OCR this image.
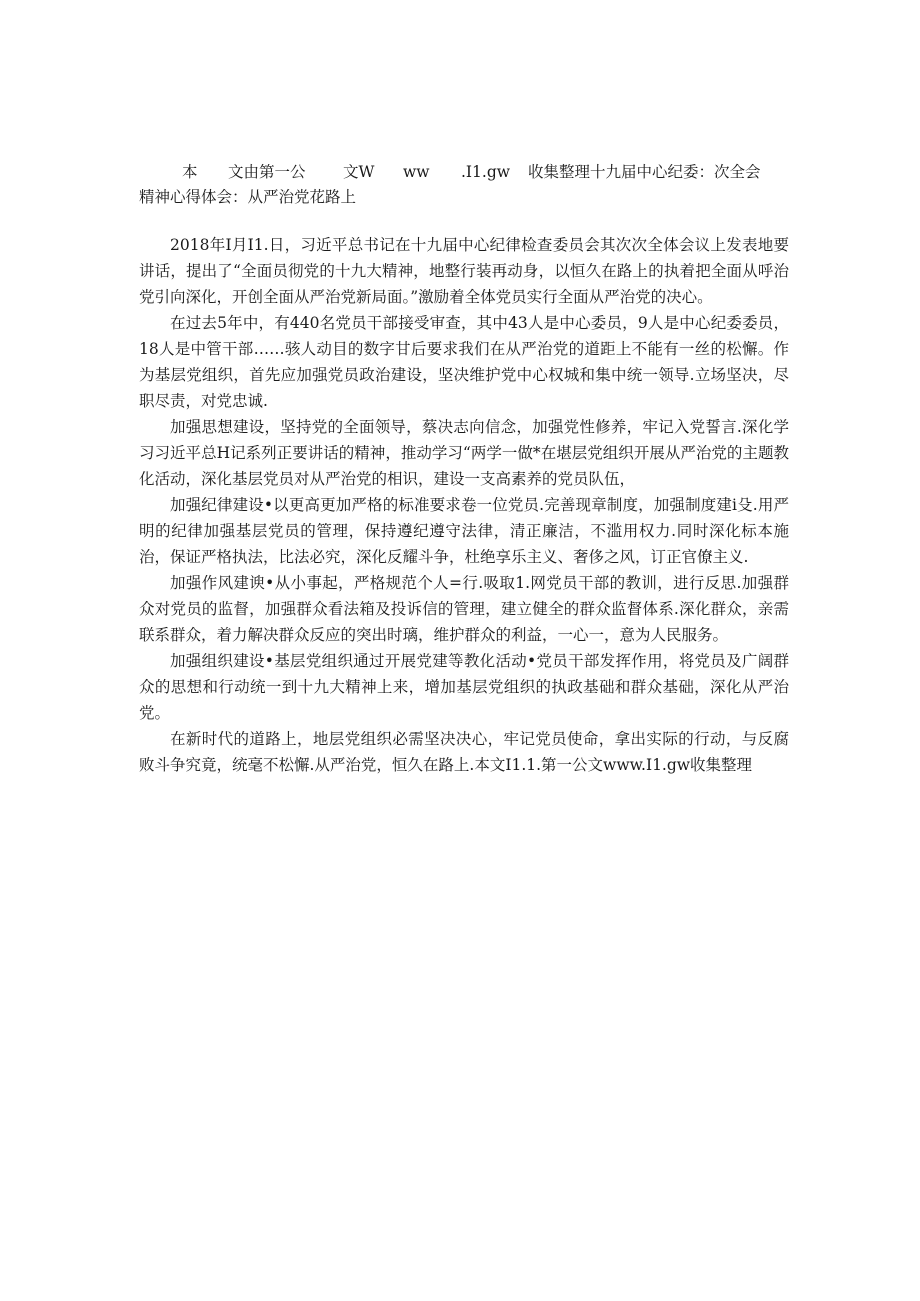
本 文由第一公 文W ww .I1.gw 收集整理十九届中心纪委：次全会
精神心得体会：从严治党花路上

2018年Ⅰ月I1.日，习近平总书记在十九届中心纪律检查委员会其次次全体会议上发表地要讲话，提出了“全面员彻党的十九大精神，地整行装再动身，以恒久在路上的执着把全面从呼治党引向深化，开创全面从严治党新局面。”激励着全体党员实行全面从严治党的决心。

在过去5年中，有440名党员干部接受审查，其中43人是中心委员，9人是中心纪委委员，18人是中管干部……骇人动目的数字甘后要求我们在从严治党的道距上不能有一丝的松懈。作为基层党组织，首先应加强党员政治建设，坚决维护党中心权城和集中统一领导.立场坚决，尽职尽责，对党忠诚.

加强思想建设，坚持党的全面领导，蔡决志向信念，加强党性修养，牢记入党誓言.深化学习习近平总H记系列正要讲话的精神，推动学习“两学一做*在堪层党组织开展从严治党的主题教化活动，深化基层党员对从严治党的相识，建设一支高素养的党员队伍，

加强纪律建设•以更高更加严格的标准要求卷一位党员.完善现章制度，加强制度建i殳.用严明的纪律加强基层党员的管理，保持遵纪遵守法律，清正廉洁，不滥用权力.同时深化标本施治，保证严格执法，比法必究，深化反耀斗争，杜绝享乐主义、奢侈之风，订正官僚主义.

加强作风建谀•从小事起，严格规范个人=行.吸取1.网党员干部的教训，进行反思.加强群众对党员的监督，加强群众看法箱及投诉信的管理，建立健全的群众监督体系.深化群众，亲需联系群众，着力解决群众反应的突出时璃，维护群众的利益，一心一，意为人民服务。

加强组织建设•基层党组织通过开展党建等教化活动•党员干部发挥作用，将党员及广阔群众的思想和行动统一到十九大精神上来，增加基层党组织的执政基础和群众基础，深化从严治党。

在新时代的道路上，地层党组织必需坚决决心，牢记党员使命，拿出实际的行动，与反腐败斗争究竟，统毫不松懈.从严治党，恒久在路上.本文I1.1.第一公文www.I1.gw收集整理
